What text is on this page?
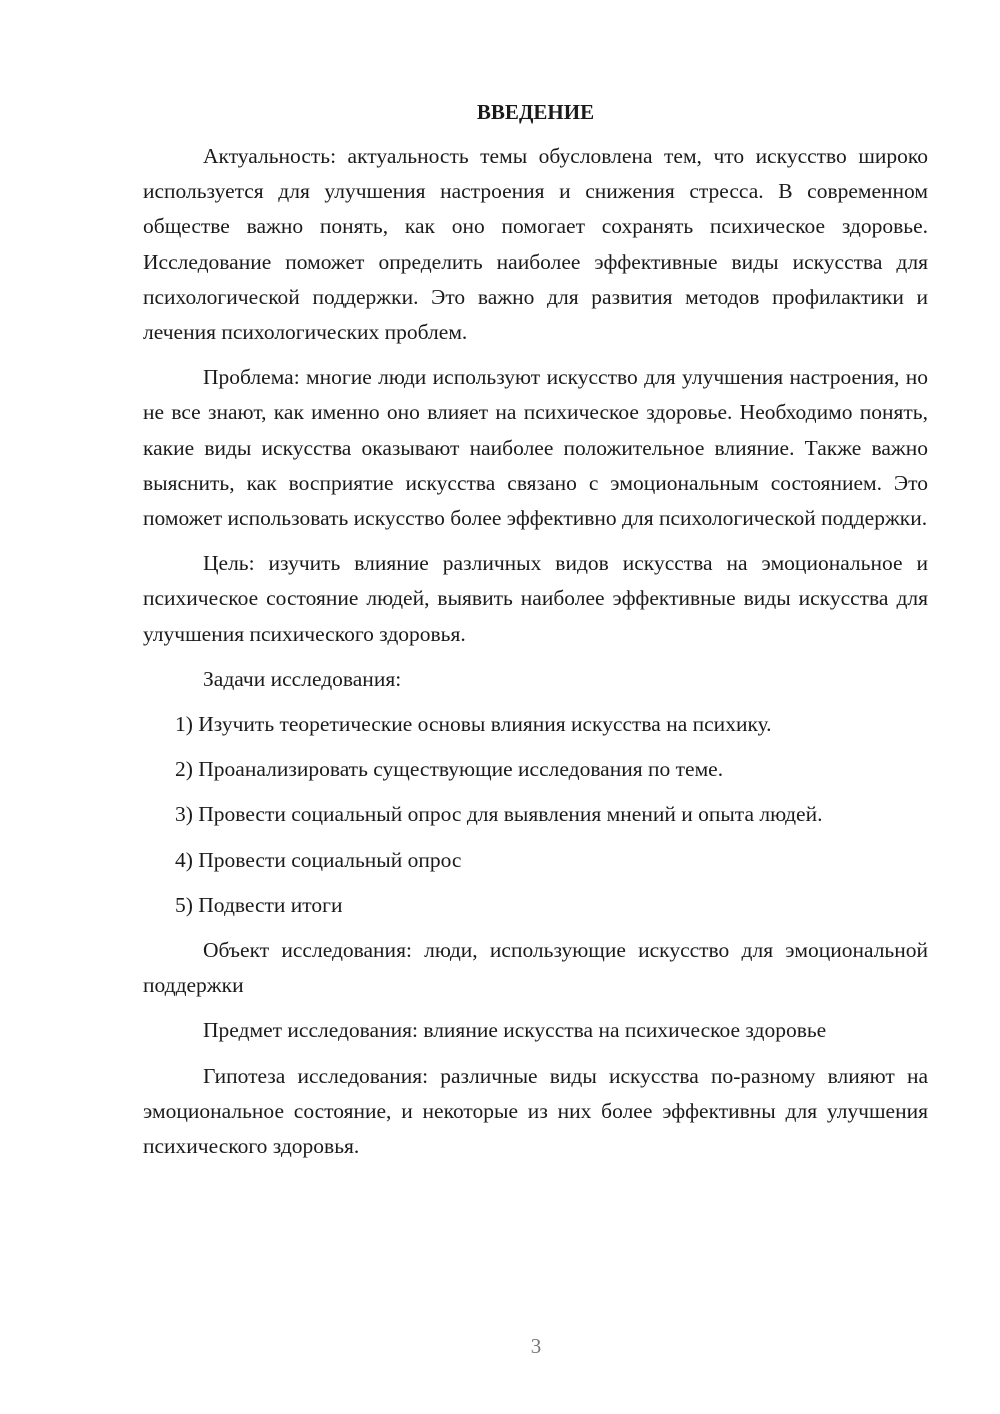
ВВЕДЕНИЕ

Актуальность: актуальность темы обусловлена тем, что искусство широко используется для улучшения настроения и снижения стресса. В современном обществе важно понять, как оно помогает сохранять психическое здоровье. Исследование поможет определить наиболее эффективные виды искусства для психологической поддержки. Это важно для развития методов профилактики и лечения психологических проблем.

Проблема: многие люди используют искусство для улучшения настроения, но не все знают, как именно оно влияет на психическое здоровье. Необходимо понять, какие виды искусства оказывают наиболее положительное влияние. Также важно выяснить, как восприятие искусства связано с эмоциональным состоянием. Это поможет использовать искусство более эффективно для психологической поддержки.

Цель: изучить влияние различных видов искусства на эмоциональное и психическое состояние людей, выявить наиболее эффективные виды искусства для улучшения психического здоровья.

Задачи исследования:

1) Изучить теоретические основы влияния искусства на психику.
2) Проанализировать существующие исследования по теме.
3) Провести социальный опрос для выявления мнений и опыта людей.
4) Провести социальный опрос
5) Подвести итоги

Объект исследования: люди, использующие искусство для эмоциональной поддержки

Предмет исследования: влияние искусства на психическое здоровье

Гипотеза исследования: различные виды искусства по-разному влияют на эмоциональное состояние, и некоторые из них более эффективны для улучшения психического здоровья.

3
